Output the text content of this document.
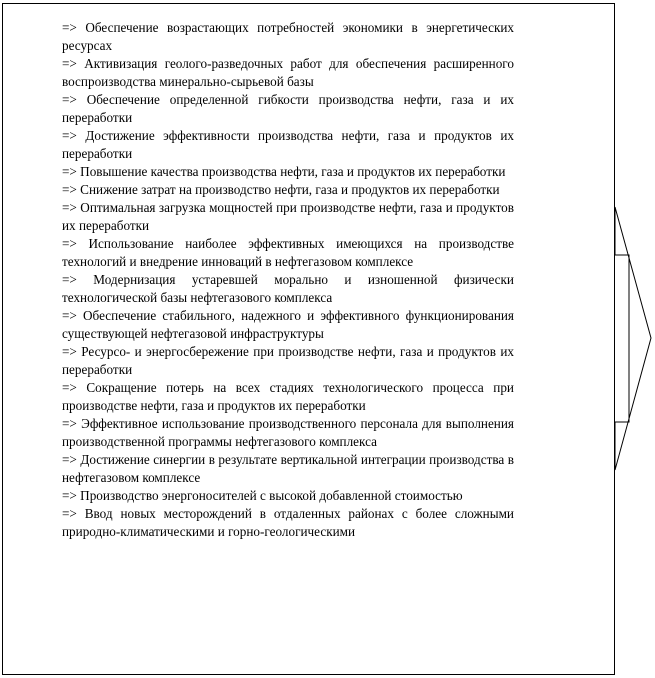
=> Обеспечение возрастающих потребностей экономики в энергетических ресурсах

=> Активизация геолого-разведочных работ для обеспечения расширенного воспроизводства минерально-сырьевой базы

=> Обеспечение определенной гибкости производства нефти, газа и их переработки

=> Достижение эффективности производства нефти, газа и продуктов их переработки

=> Повышение качества производства нефти, газа и продуктов их переработки

=> Снижение затрат на производство нефти, газа и продуктов их переработки

=> Оптимальная загрузка мощностей при производстве нефти, газа и продуктов их переработки

=> Использование наиболее эффективных имеющихся на производстве технологий и внедрение инноваций в нефтегазовом комплексе

=> Модернизация устаревшей морально и изношенной физически технологической базы нефтегазового комплекса

=> Обеспечение стабильного, надежного и эффективного функционирования существующей нефтегазовой инфраструктуры

=> Ресурсо- и энергосбережение при производстве нефти, газа и продуктов их переработки

=> Сокращение потерь на всех стадиях технологического процесса при производстве нефти, газа и продуктов их переработки

=> Эффективное использование производственного персонала для выполнения производственной программы нефтегазового комплекса

=> Достижение синергии в результате вертикальной интеграции производства в нефтегазовом комплексе

=> Производство энергоносителей с высокой добавленной стоимостью

=> Ввод новых месторождений в отдаленных районах с более сложными природно-климатическими и горно-геологическими
